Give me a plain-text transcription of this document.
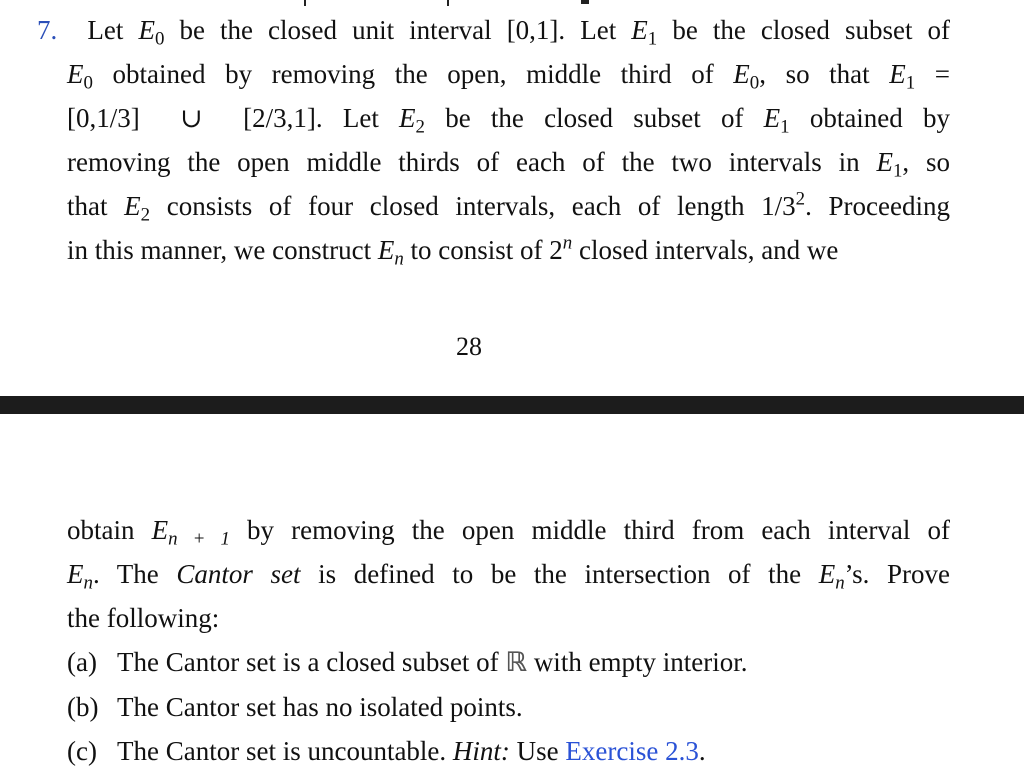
7.  Let $E_0$ be the closed unit interval [0,1]. Let $E_1$ be the closed subset of
$E_0$ obtained by removing the open, middle third of $E_0$, so that $E_1$ =
[0,1/3]  ∪  [2/3,1]. Let $E_2$ be the closed subset of $E_1$ obtained by
removing the open middle thirds of each of the two intervals in $E_1$, so
that $E_2$ consists of four closed intervals, each of length $1/3^2$. Proceeding
in this manner, we construct $E_n$ to consist of 2$^n$ closed intervals, and we
28
obtain $E_{n + 1}$ by removing the open middle third from each interval of
$E_n$. The Cantor set is defined to be the intersection of the $E_n’s$. Prove
the following:
(a) The Cantor set is a closed subset of ℝ with empty interior.
(b) The Cantor set has no isolated points.
(c) The Cantor set is uncountable. Hint: Use Exercise 2.3.
